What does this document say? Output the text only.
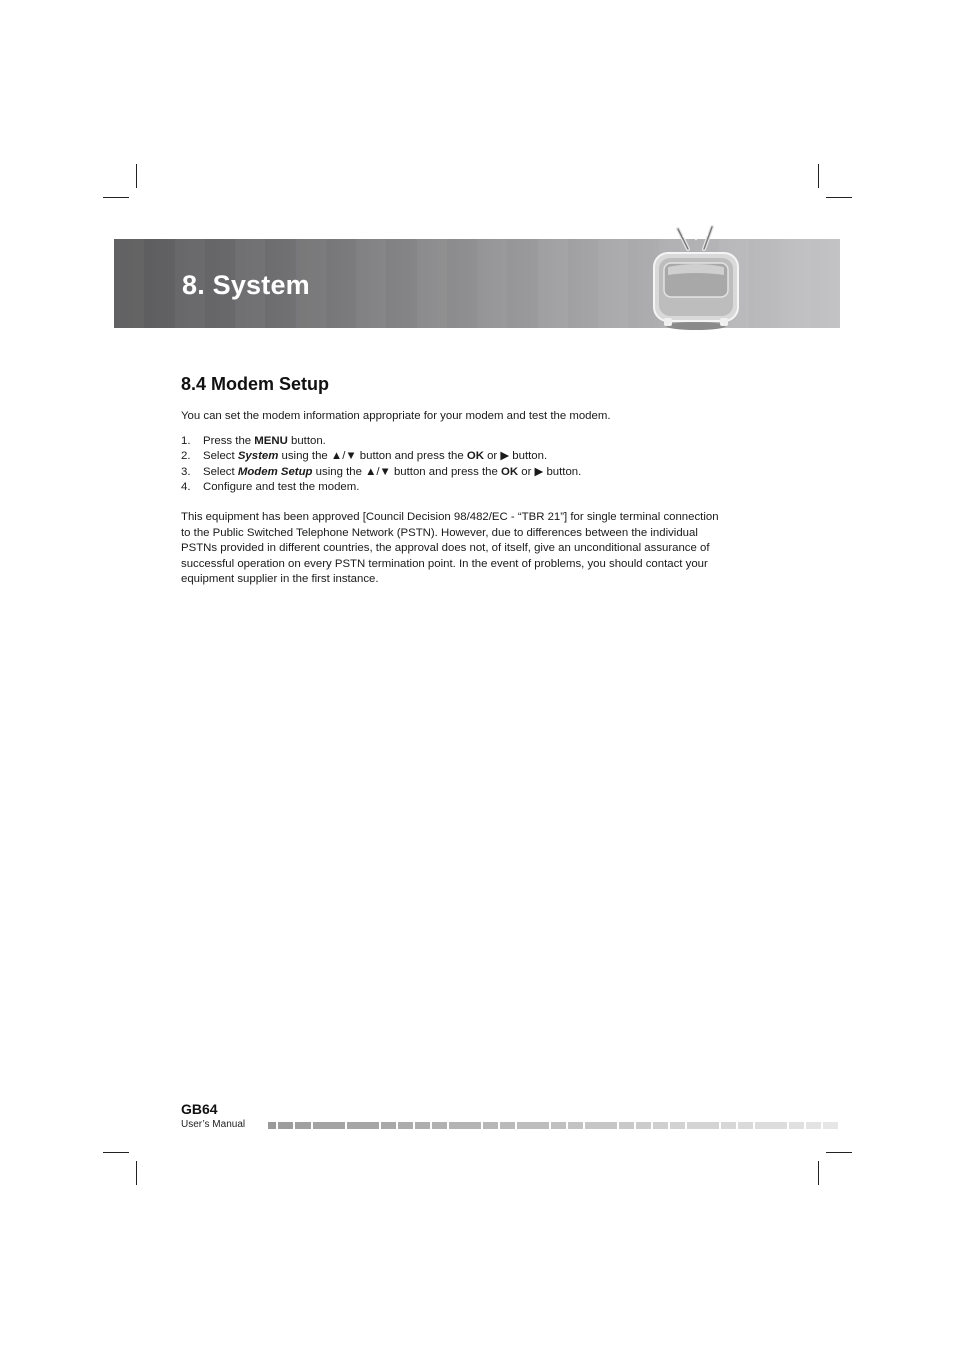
8. System
8.4 Modem Setup

You can set the modem information appropriate for your modem and test the modem.

1.	Press the MENU button.
2.	Select System using the ▲/▼ button and press the OK or ▶ button.
3.	Select Modem Setup using the ▲/▼ button and press the OK or ▶ button.
4.	Configure and test the modem.
This equipment has been approved [Council Decision 98/482/EC - “TBR 21”] for single terminal connection
to the Public Switched Telephone Network (PSTN). However, due to differences between the individual
PSTNs provided in different countries, the approval does not, of itself, give an unconditional assurance of
successful operation on every PSTN termination point. In the event of problems, you should contact your
equipment supplier in the first instance.

GB64

User’s Manual
